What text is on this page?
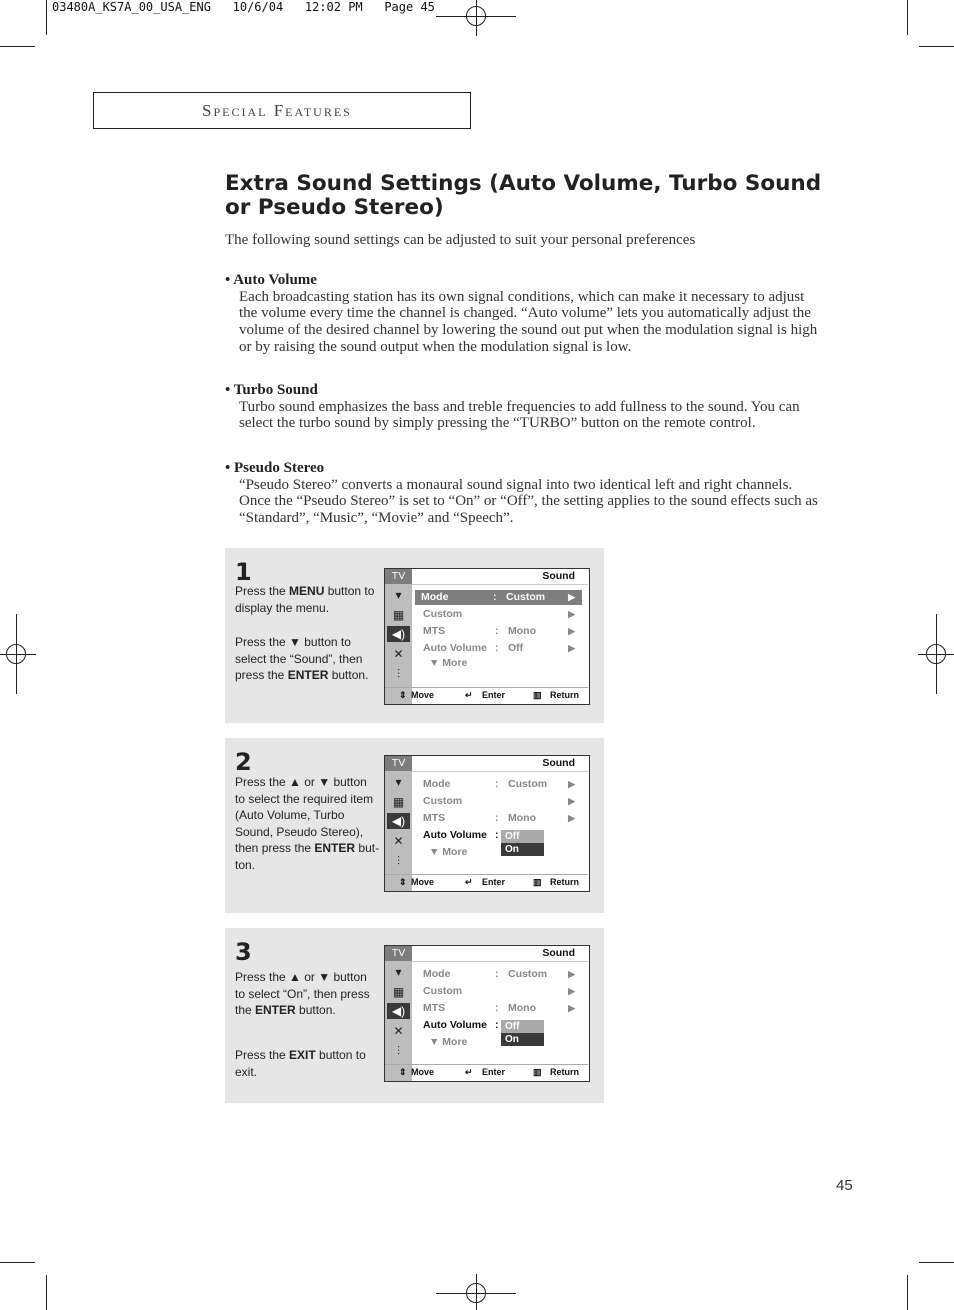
03480A_KS7A_00_USA_ENG   10/6/04   12:02 PM   Page 45
Special Features
Extra Sound Settings (Auto Volume, Turbo Sound or Pseudo Stereo)
The following sound settings can be adjusted to suit your personal preferences
• Auto Volume
Each broadcasting station has its own signal conditions, which can make it necessary to adjust the volume every time the channel is changed. “Auto volume” lets you automatically adjust the volume of the desired channel by lowering the sound out put when the modulation signal is high or by raising the sound output when the modulation signal is low.
• Turbo Sound
Turbo sound emphasizes the bass and treble frequencies to add fullness to the sound. You can select the turbo sound by simply pressing the “TURBO” button on the remote control.
• Pseudo Stereo
“Pseudo Stereo” converts a monaural sound signal into two identical left and right channels. Once the “Pseudo Stereo” is set to “On” or “Off”, the setting applies to the sound effects such as “Standard”, “Music”, “Movie” and “Speech”.
1
Press the MENU button to display the menu.
Press the ▼ button to select the “Sound”, then press the ENTER button.
TV
▾
▦
◀)
✕
⫶
Sound
Mode	: Custom	▶
Custom	▶
MTS	: Mono	▶
Auto Volume : Off	▶
▼ More
⇕ Move	↵ Enter	▥ Return
2
Press the ▲ or ▼ button to select the required item (Auto Volume, Turbo Sound, Pseudo Stereo), then press the ENTER but-ton.
TV
▾
▦
◀)
✕
⫶
Sound
Mode	: Custom ▶
Custom	▶
MTS	: Mono	▶
Auto Volume : Off
On
▼ More
⇕ Move	↵ Enter	▥ Return
3
Press the ▲ or ▼ button to select “On”, then press the ENTER button.
Press the EXIT button to exit.
TV
▾
▦
◀)
✕
⫶
Sound
Mode	: Custom ▶
Custom	▶
MTS	: Mono	▶
Auto Volume : Off
On
▼ More
⇕ Move	↵ Enter	▥ Return
45
